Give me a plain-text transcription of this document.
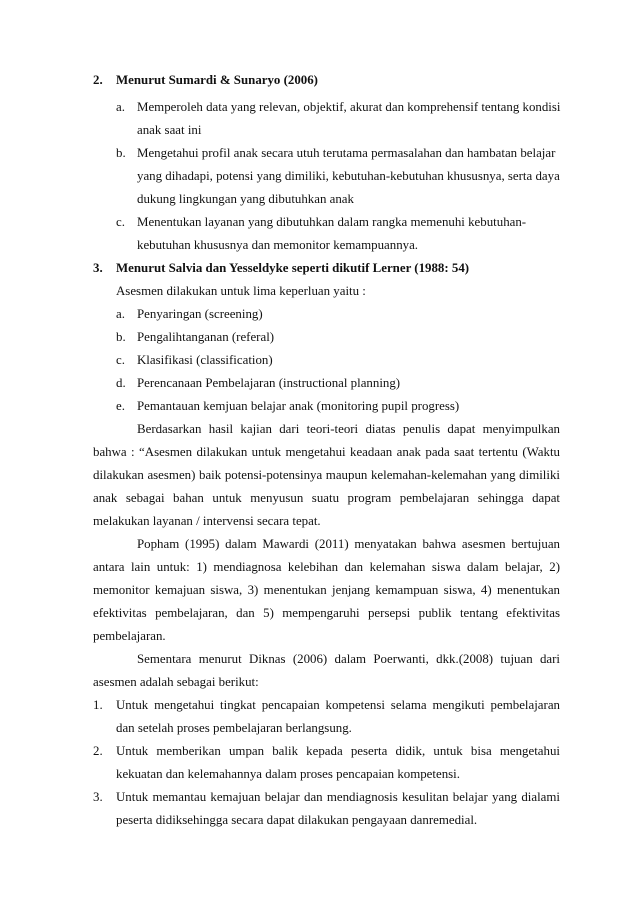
2. Menurut Sumardi & Sunaryo (2006)
a. Memperoleh data yang relevan, objektif, akurat dan komprehensif tentang kondisi
anak saat ini
b. Mengetahui profil anak secara utuh terutama permasalahan dan hambatan belajar
yang dihadapi, potensi yang dimiliki, kebutuhan-kebutuhan khususnya, serta daya
dukung lingkungan yang dibutuhkan anak
c. Menentukan layanan yang dibutuhkan dalam rangka memenuhi kebutuhan-
kebutuhan khususnya dan memonitor kemampuannya.
3. Menurut Salvia dan Yesseldyke seperti dikutif Lerner (1988: 54)
Asesmen dilakukan untuk lima keperluan yaitu :
a. Penyaringan (screening)
b. Pengalihtanganan (referal)
c. Klasifikasi (classification)
d. Perencanaan Pembelajaran (instructional planning)
e. Pemantauan kemjuan belajar anak (monitoring pupil progress)
Berdasarkan hasil kajian dari teori-teori diatas penulis dapat menyimpulkan
bahwa : “Asesmen dilakukan untuk mengetahui keadaan anak pada saat tertentu (Waktu
dilakukan asesmen) baik potensi-potensinya maupun kelemahan-kelemahan yang dimiliki
anak sebagai bahan untuk menyusun suatu program pembelajaran sehingga dapat
melakukan layanan / intervensi secara tepat.
Popham (1995) dalam Mawardi (2011) menyatakan bahwa asesmen bertujuan
antara lain untuk: 1) mendiagnosa kelebihan dan kelemahan siswa dalam belajar, 2)
memonitor kemajuan siswa, 3) menentukan jenjang kemampuan siswa, 4) menentukan
efektivitas pembelajaran, dan 5) mempengaruhi persepsi publik tentang efektivitas
pembelajaran.
Sementara menurut Diknas (2006) dalam Poerwanti, dkk.(2008) tujuan dari
asesmen adalah sebagai berikut:
1. Untuk mengetahui tingkat pencapaian kompetensi selama mengikuti pembelajaran
dan setelah proses pembelajaran berlangsung.
2. Untuk memberikan umpan balik kepada peserta didik, untuk bisa mengetahui
kekuatan dan kelemahannya dalam proses pencapaian kompetensi.
3. Untuk memantau kemajuan belajar dan mendiagnosis kesulitan belajar yang dialami
peserta didiksehingga secara dapat dilakukan pengayaan danremedial.
